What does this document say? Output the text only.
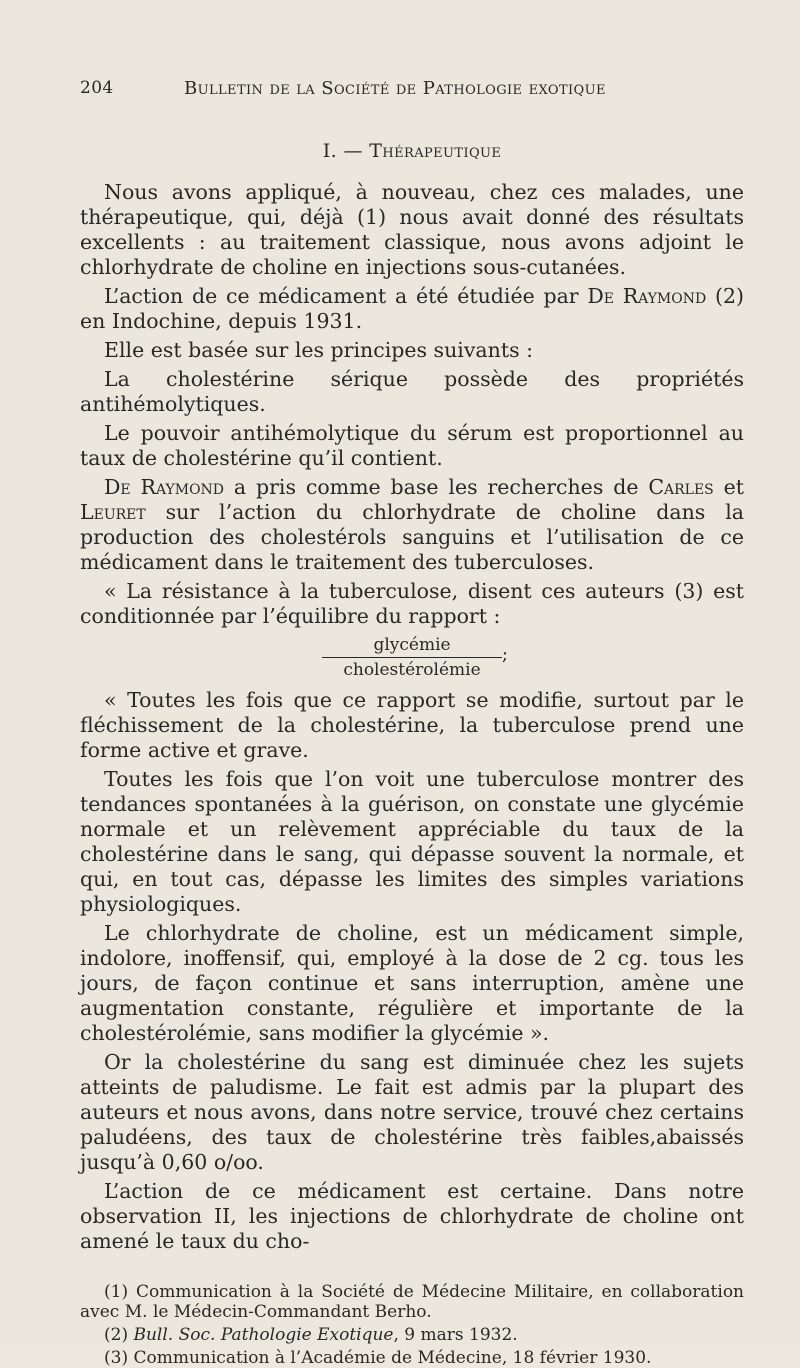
204	Bulletin de la Société de Pathologie exotique
I. — Thérapeutique

Nous avons appliqué, à nouveau, chez ces malades, une thérapeutique, qui, déjà (1) nous avait donné des résultats excellents : au traitement classique, nous avons adjoint le chlorhydrate de choline en injections sous-cutanées.

L’action de ce médicament a été étudiée par De Raymond (2) en Indochine, depuis 1931.

Elle est basée sur les principes suivants :

La cholestérine sérique possède des propriétés antihémolytiques.

Le pouvoir antihémolytique du sérum est proportionnel au taux de cholestérine qu’il contient.

De Raymond a pris comme base les recherches de Carles et Leuret sur l’action du chlorhydrate de choline dans la production des cholestérols sanguins et l’utilisation de ce médicament dans le traitement des tuberculoses.

« La résistance à la tuberculose, disent ces auteurs (3) est conditionnée par l’équilibre du rapport :

glycémie
cholestérolémie
;

« Toutes les fois que ce rapport se modifie, surtout par le fléchissement de la cholestérine, la tuberculose prend une forme active et grave.

Toutes les fois que l’on voit une tuberculose montrer des tendances spontanées à la guérison, on constate une glycémie normale et un relèvement appréciable du taux de la cholestérine dans le sang, qui dépasse souvent la normale, et qui, en tout cas, dépasse les limites des simples variations physiologiques.

Le chlorhydrate de choline, est un médicament simple, indolore, inoffensif, qui, employé à la dose de 2 cg. tous les jours, de façon continue et sans interruption, amène une augmentation constante, régulière et importante de la cholestérolémie, sans modifier la glycémie ».

Or la cholestérine du sang est diminuée chez les sujets atteints de paludisme. Le fait est admis par la plupart des auteurs et nous avons, dans notre service, trouvé chez certains paludéens, des taux de cholestérine très faibles,abaissés jusqu’à 0,60 o/oo.

L’action de ce médicament est certaine. Dans notre observation II, les injections de chlorhydrate de choline ont amené le taux du cho-

(1) Communication à la Société de Médecine Militaire, en collaboration avec M. le Médecin-Commandant Berho.

(2) Bull. Soc. Pathologie Exotique, 9 mars 1932.

(3) Communication à l’Académie de Médecine, 18 février 1930.
